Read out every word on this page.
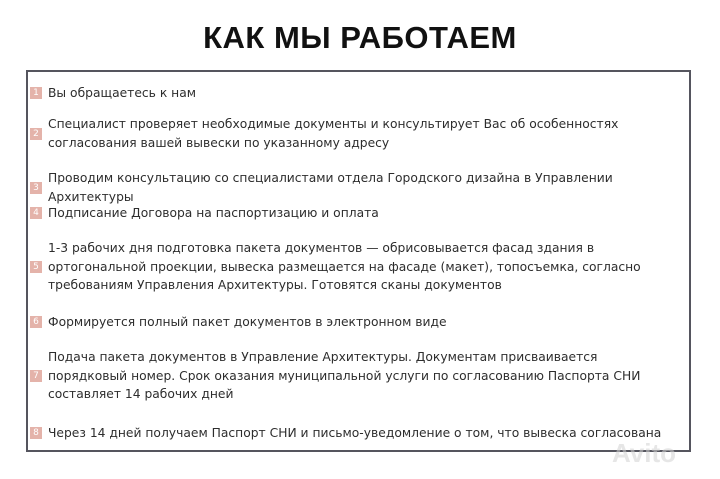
КАК МЫ РАБОТАЕМ
1 Вы обращаетесь к нам
2
Специалист проверяет необходимые документы и консультирует Вас об особенностях согласования вашей вывески по указанному адресу
3
Проводим консультацию со специалистами отдела Городского дизайна в Управлении Архитектуры
4 Подписание Договора на паспортизацию и оплата
5
1-3 рабочих дня подготовка пакета документов — обрисовывается фасад здания в ортогональной проекции, вывеска размещается на фасаде (макет), топосъемка, согласно требованиям Управления Архитектуры. Готовятся сканы документов
6 Формируется полный пакет документов в электронном виде
7
Подача пакета документов в Управление Архитектуры. Документам присваивается порядковый номер. Срок оказания муниципальной услуги по согласованию Паспорта СНИ составляет 14 рабочих дней
8 Через 14 дней получаем Паспорт СНИ и письмо-уведомление о том, что вывеска согласована
Avito
